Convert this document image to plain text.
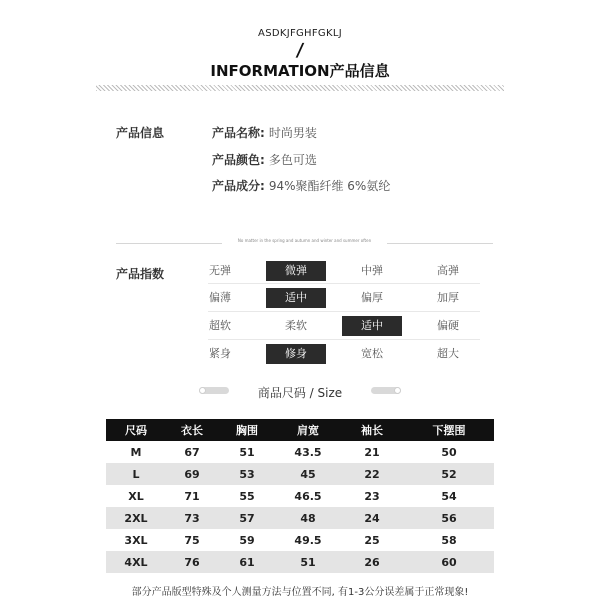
ASDKJFGHFGKLJ
/
INFORMATION产品信息
产品信息	产品名称: 时尚男装
产品颜色: 多色可选
产品成分: 94%聚酯纤维 6%氨纶
No matter in the spring and autumn and winter and summer often
产品指数	无弹	微弹	中弹	高弹
偏薄	适中	偏厚	加厚
超软	柔软	适中	偏硬
紧身	修身	宽松	超大
商品尺码 / Size
尺码	衣长	胸围	肩宽	袖长	下摆围
M	67	51	43.5	21	50
L	69	53	45	22	52
XL	71	55	46.5	23	54
2XL	73	57	48	24	56
3XL	75	59	49.5	25	58
4XL	76	61	51	26	60
部分产品版型特殊及个人测量方法与位置不同, 有1-3公分误差属于正常现象!
